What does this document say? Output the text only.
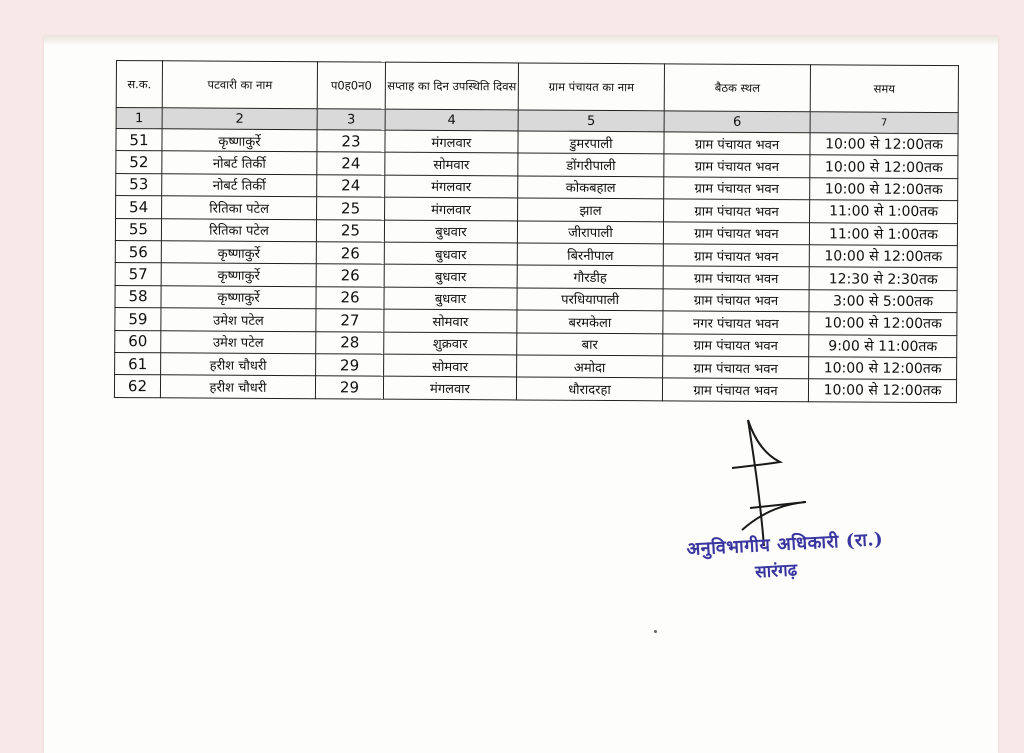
स.क.	पटवारी का नाम	प0ह0न0	सप्ताह का दिन उपस्थिति दिवस	ग्राम पंचायत का नाम	बैठक स्थल	समय
1	2	3	4	5	6	7
51	कृष्णाकुर्रे	23	मंगलवार	डुमरपाली	ग्राम पंचायत भवन	10:00 से 12:00तक
52	नोबर्ट तिर्की	24	सोमवार	डोंगरीपाली	ग्राम पंचायत भवन	10:00 से 12:00तक
53	नोबर्ट तिर्की	24	मंगलवार	कोकबहाल	ग्राम पंचायत भवन	10:00 से 12:00तक
54	रितिका पटेल	25	मंगलवार	झाल	ग्राम पंचायत भवन	11:00 से 1:00तक
55	रितिका पटेल	25	बुधवार	जीरापाली	ग्राम पंचायत भवन	11:00 से 1:00तक
56	कृष्णाकुर्रे	26	बुधवार	बिरनीपाल	ग्राम पंचायत भवन	10:00 से 12:00तक
57	कृष्णाकुर्रे	26	बुधवार	गौरडीह	ग्राम पंचायत भवन	12:30 से 2:30तक
58	कृष्णाकुर्रे	26	बुधवार	परधियापाली	ग्राम पंचायत भवन	3:00 से 5:00तक
59	उमेश पटेल	27	सोमवार	बरमकेला	नगर पंचायत भवन	10:00 से 12:00तक
60	उमेश पटेल	28	शुक्रवार	बार	ग्राम पंचायत भवन	9:00 से 11:00तक
61	हरीश चौधरी	29	सोमवार	अमोदा	ग्राम पंचायत भवन	10:00 से 12:00तक
62	हरीश चौधरी	29	मंगलवार	धौरादरहा	ग्राम पंचायत भवन	10:00 से 12:00तक
अनुविभागीय अधिकारी (रा.)
सारंगढ़
